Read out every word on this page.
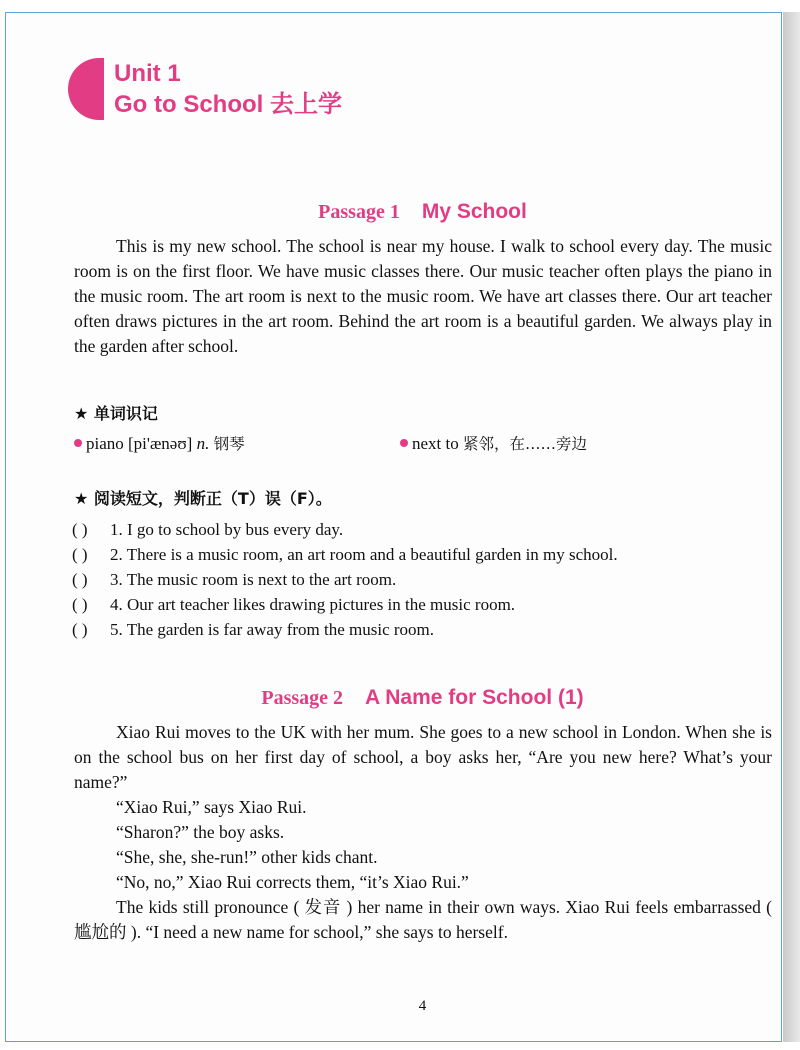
Unit 1
Go to School 去上学
Passage 1 My School

This is my new school. The school is near my house. I walk to school every day. The music room is on the first floor. We have music classes there. Our music teacher often plays the piano in the music room. The art room is next to the music room. We have art classes there. Our art teacher often draws pictures in the art room. Behind the art room is a beautiful garden. We always play in the garden after school.

★ 单词识记
piano [pi'ænəʊ] n. 钢琴	next to 紧邻，在……旁边
★ 阅读短文，判断正（T）误（F）。
( ) 1. I go to school by bus every day.
( ) 2. There is a music room, an art room and a beautiful garden in my school.
( ) 3. The music room is next to the art room.
( ) 4. Our art teacher likes drawing pictures in the music room.
( ) 5. The garden is far away from the music room.
Passage 2 A Name for School (1)

Xiao Rui moves to the UK with her mum. She goes to a new school in London. When she is on the school bus on her first day of school, a boy asks her, “Are you new here? What’s your name?”

“Xiao Rui,” says Xiao Rui.

“Sharon?” the boy asks.

“She, she, she-run!” other kids chant.

“No, no,” Xiao Rui corrects them, “it’s Xiao Rui.”

The kids still pronounce ( 发音 ) her name in their own ways. Xiao Rui feels embarrassed ( 尴尬的 ). “I need a new name for school,” she says to herself.

4
